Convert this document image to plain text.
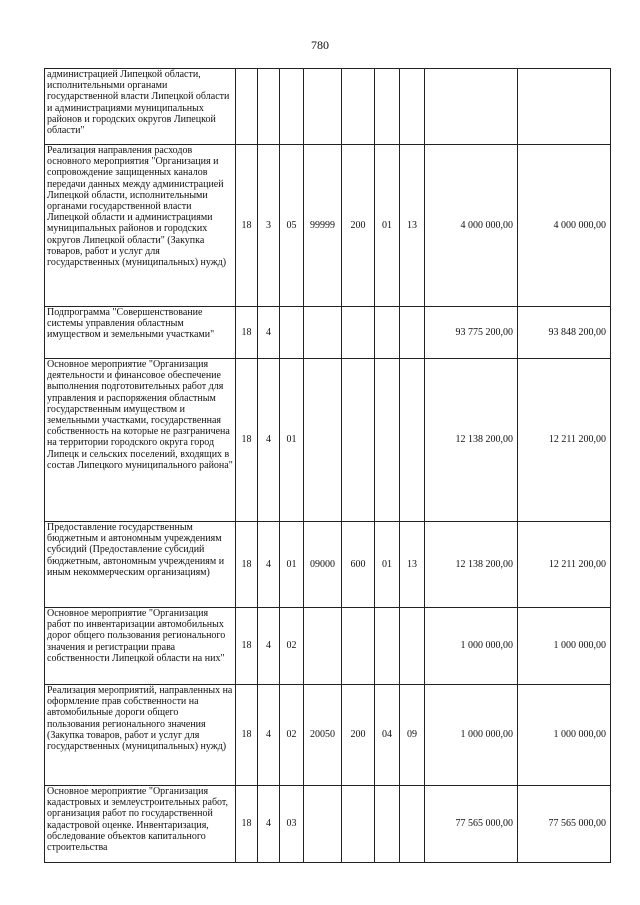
780
администрацией Липецкой области, исполнительными органами государственной власти Липецкой области и администрациями муниципальных районов и городских округов Липецкой области"									
Реализация направления расходов основного мероприятия "Организация и сопровождение защищенных каналов передачи данных между администрацией Липецкой области, исполнительными органами государственной власти Липецкой области и администрациями муниципальных районов и городских округов Липецкой области" (Закупка товаров, работ и услуг для государственных (муниципальных) нужд)	18	3	05	99999	200	01	13	4 000 000,00	4 000 000,00
Подпрограмма "Совершенствование системы управления областным имуществом и земельными участками"	18	4						93 775 200,00	93 848 200,00
Основное мероприятие "Организация деятельности и финансовое обеспечение выполнения подготовительных работ для управления и распоряжения областным государственным имуществом и земельными участками, государственная собственность на которые не разграничена на территории городского округа город Липецк и сельских поселений, входящих в состав Липецкого муниципального района"	18	4	01					12 138 200,00	12 211 200,00
Предоставление государственным бюджетным и автономным учреждениям субсидий (Предоставление субсидий бюджетным, автономным учреждениям и иным некоммерческим организациям)	18	4	01	09000	600	01	13	12 138 200,00	12 211 200,00
Основное мероприятие "Организация работ по инвентаризации автомобильных дорог общего пользования регионального значения и регистрации права собственности Липецкой области на них"	18	4	02					1 000 000,00	1 000 000,00
Реализация мероприятий, направленных на оформление прав собственности на автомобильные дороги общего пользования регионального значения (Закупка товаров, работ и услуг для государственных (муниципальных) нужд)	18	4	02	20050	200	04	09	1 000 000,00	1 000 000,00
Основное мероприятие "Организация кадастровых и землеустроительных работ, организация работ по государственной кадастровой оценке. Инвентаризация, обследование объектов капитального строительства	18	4	03					77 565 000,00	77 565 000,00
